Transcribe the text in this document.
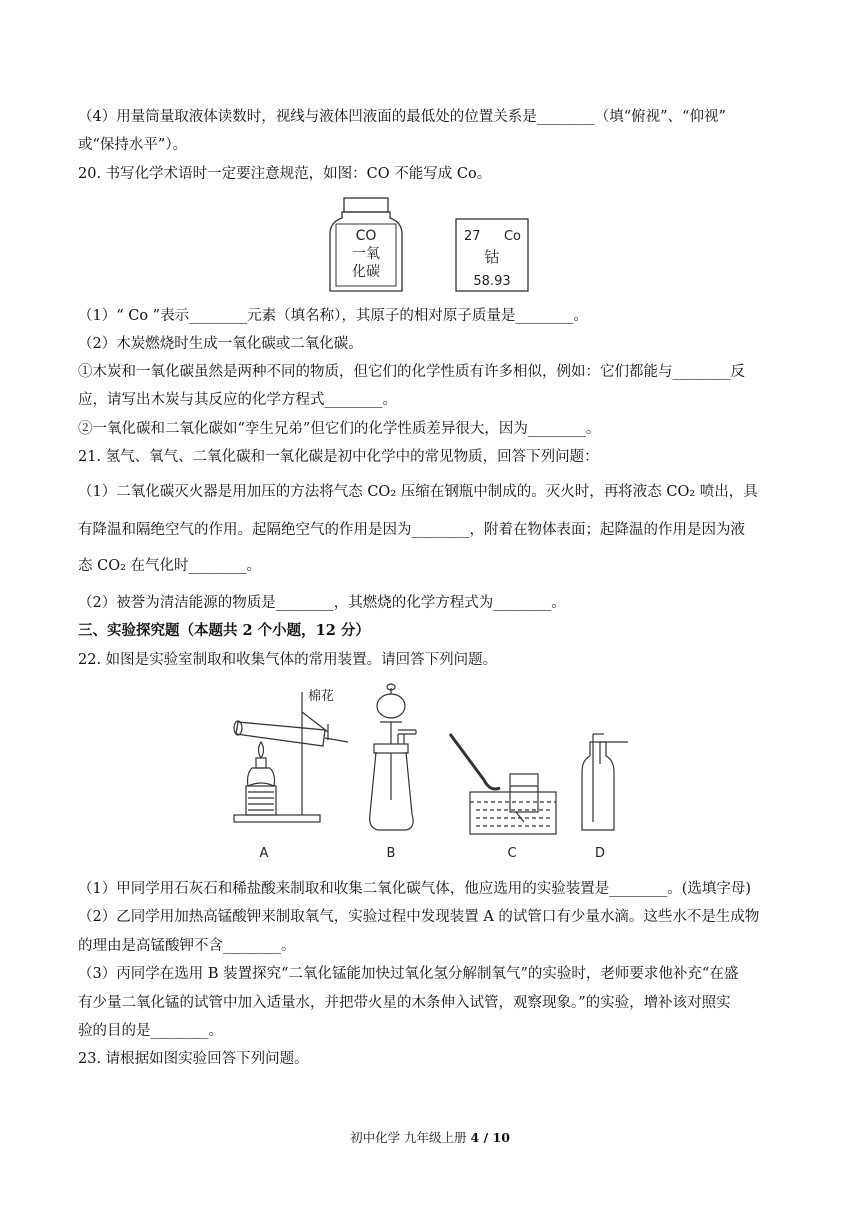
（4）用量筒量取液体读数时，视线与液体凹液面的最低处的位置关系是________（填“俯视”、“仰视”
或“保持水平”）。
20. 书写化学术语时一定要注意规范，如图：CO 不能写成 Co。
CO
一氧
化碳
27 Co
钴
58.93
（1）“ Co ”表示________元素（填名称），其原子的相对原子质量是________。
（2）木炭燃烧时生成一氧化碳或二氧化碳。
①木炭和一氧化碳虽然是两种不同的物质，但它们的化学性质有许多相似，例如：它们都能与________反
应，请写出木炭与其反应的化学方程式________。
②一氧化碳和二氧化碳如“孪生兄弟”但它们的化学性质差异很大，因为________。
21. 氢气、氧气、二氧化碳和一氧化碳是初中化学中的常见物质，回答下列问题：
（1）二氧化碳灭火器是用加压的方法将气态 CO₂ 压缩在钢瓶中制成的。灭火时，再将液态 CO₂ 喷出，具
有降温和隔绝空气的作用。起隔绝空气的作用是因为________，附着在物体表面；起降温的作用是因为液
态 CO₂ 在气化时________。
（2）被誉为清洁能源的物质是________，其燃烧的化学方程式为________。
三、实验探究题（本题共 2 个小题，12 分）
22. 如图是实验室制取和收集气体的常用装置。请回答下列问题。
棉花
A	B	C	D
（1）甲同学用石灰石和稀盐酸来制取和收集二氧化碳气体，他应选用的实验装置是________。(选填字母)
（2）乙同学用加热高锰酸钾来制取氧气，实验过程中发现装置 A 的试管口有少量水滴。这些水不是生成物
的理由是高锰酸钾不含________。
（3）丙同学在选用 B 装置探究“二氧化锰能加快过氧化氢分解制氧气”的实验时，老师要求他补充“在盛
有少量二氧化锰的试管中加入适量水，并把带火星的木条伸入试管，观察现象。”的实验，增补该对照实
验的目的是________。
23. 请根据如图实验回答下列问题。
初中化学 九年级上册 4 / 10
